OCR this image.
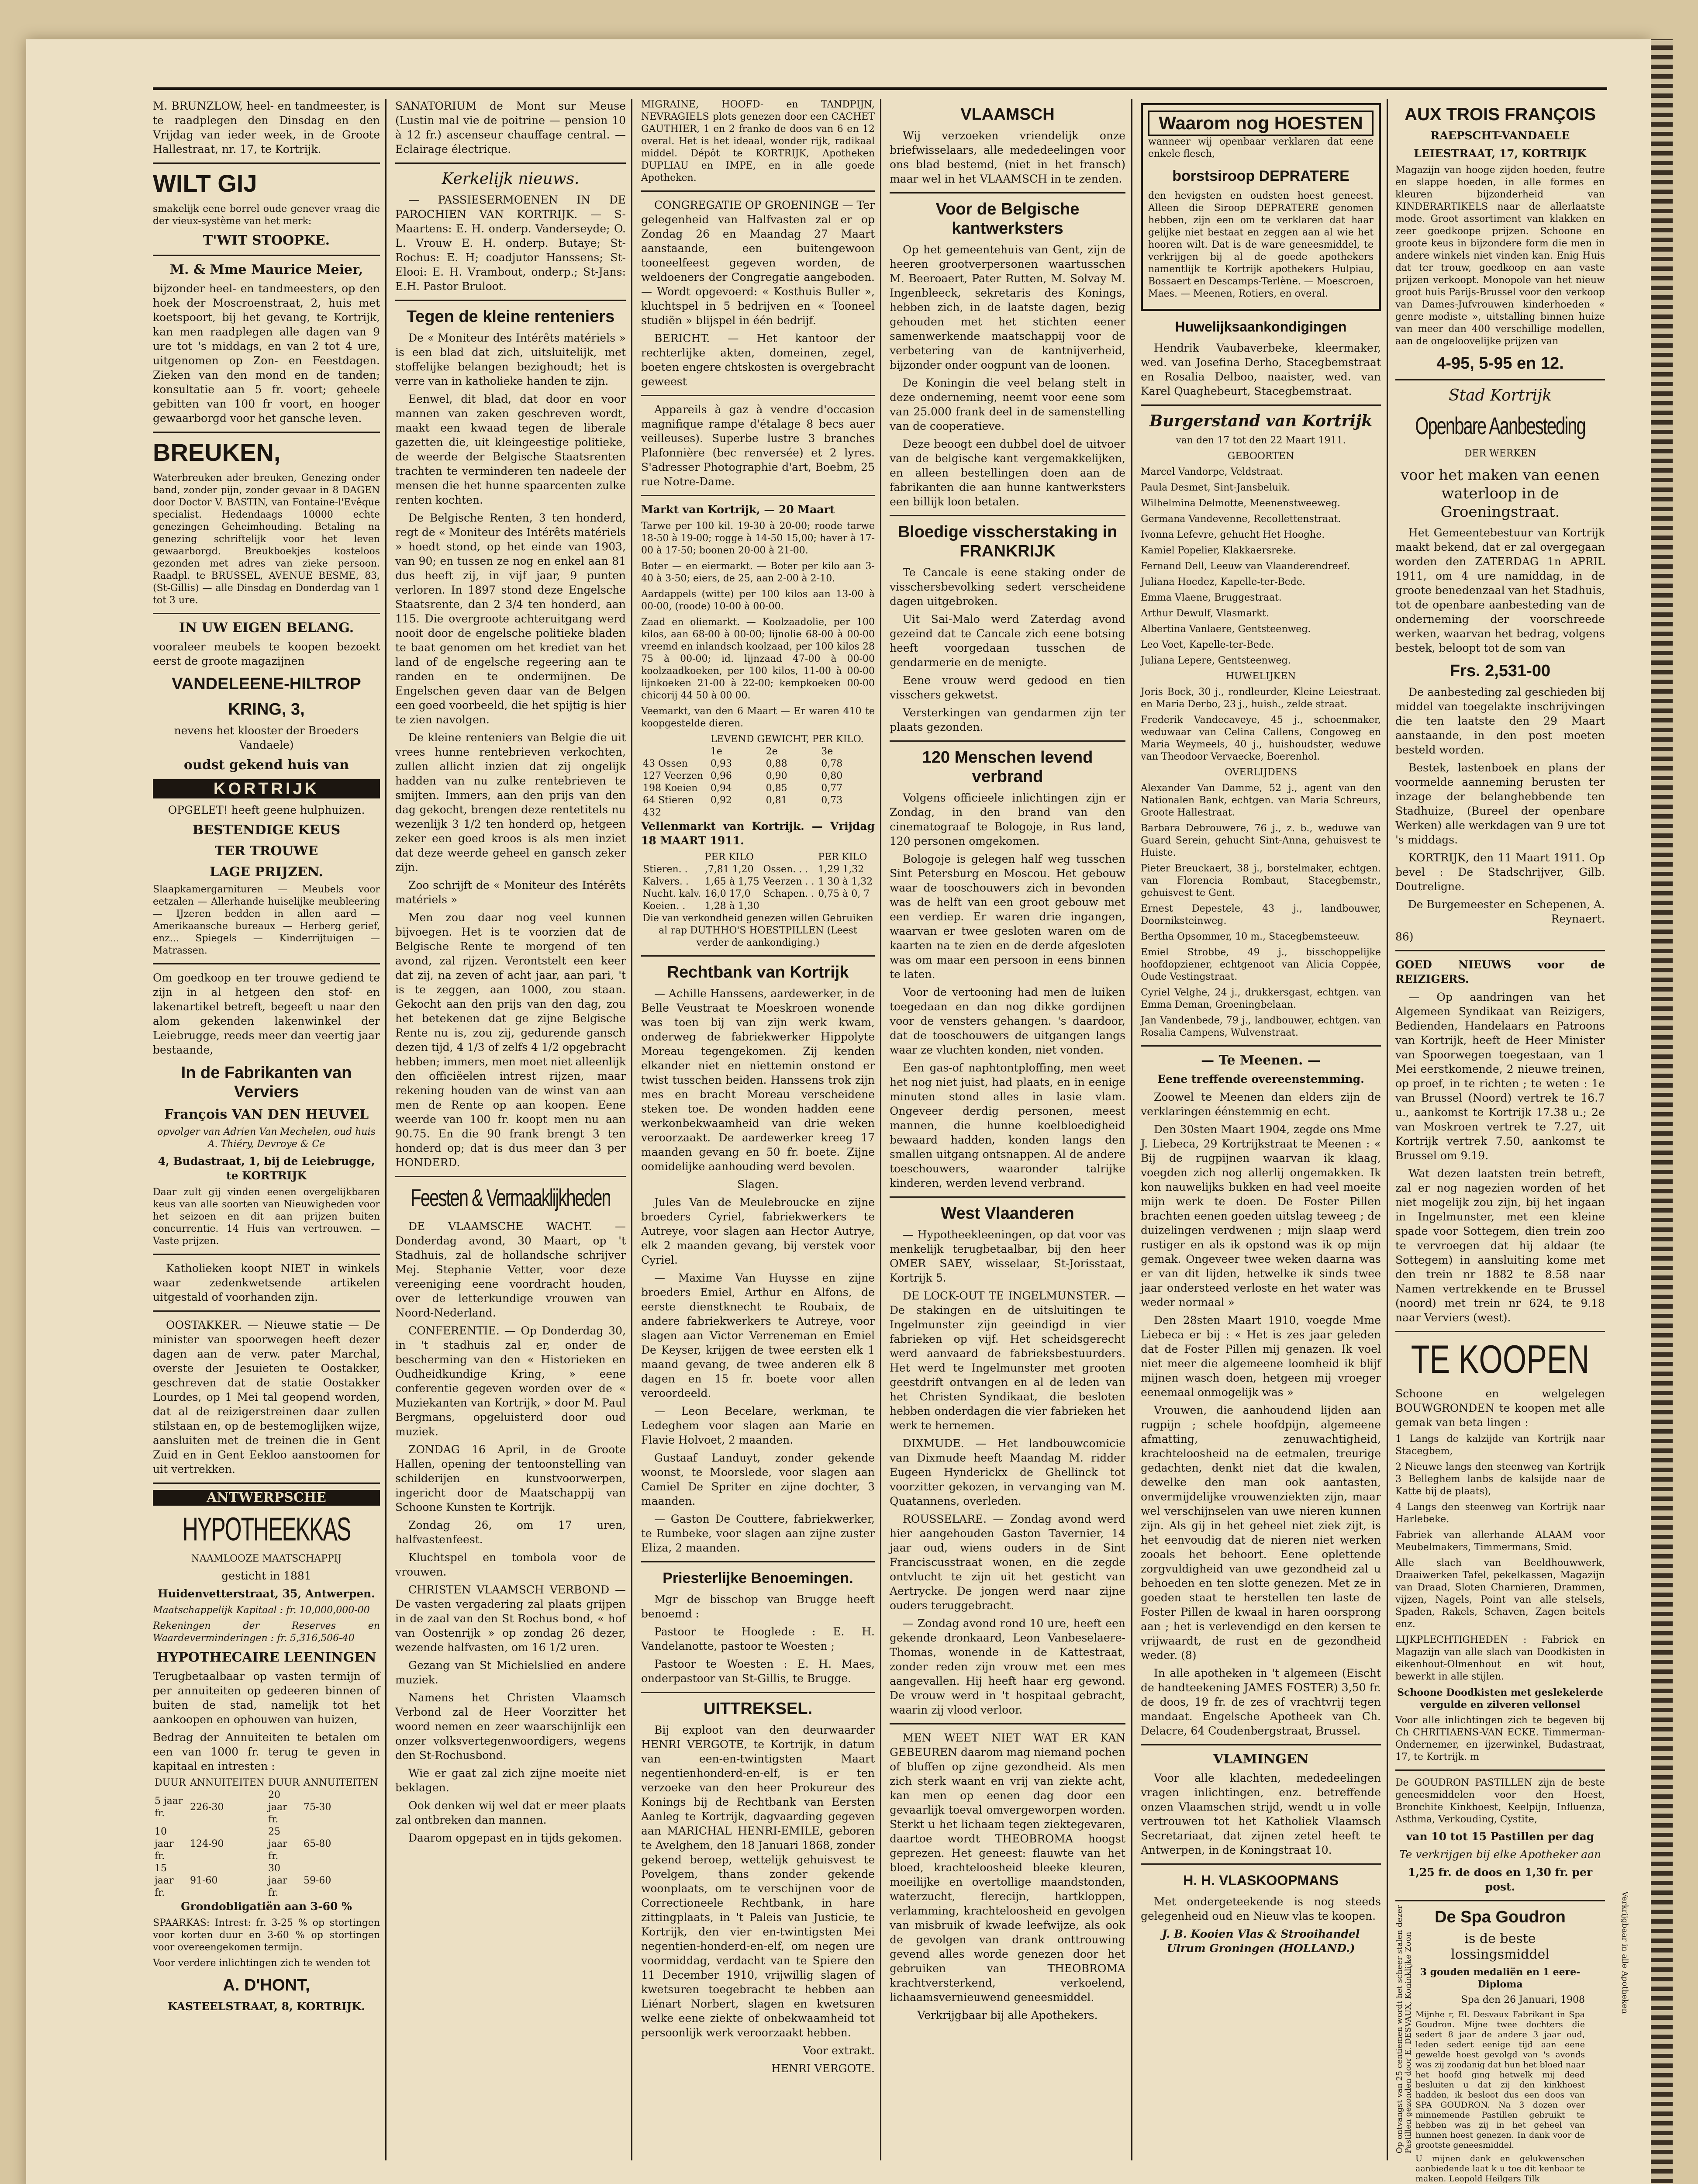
M. BRUNZLOW, heel- en tandmeester, is te raadplegen den Dinsdag en den Vrijdag van ieder week, in de Groote Hallestraat, nr. 17, te Kortrijk.

WILT GIJ

smakelijk eene borrel oude genever vraag die der vieux-système van het merk:

T'WIT STOOPKE.
M. & Mme Maurice Meier,

bijzonder heel- en tandmeesters, op den hoek der Moscroenstraat, 2, huis met koetspoort, bij het gevang, te Kortrijk, kan men raadplegen alle dagen van 9 ure tot 's middags, en van 2 tot 4 ure, uitgenomen op Zon- en Feestdagen. Zieken van den mond en de tanden; konsultatie aan 5 fr. voort; geheele gebitten van 100 fr voort, en hooger gewaarborgd voor het gansche leven.

BREUKEN,

Waterbreuken ader breuken, Genezing onder band, zonder pijn, zonder gevaar in 8 DAGEN door Doctor V. BASTIN, van Fontaine-l'Evêque specialist. Hedendaags 10000 echte genezingen Geheimhouding. Betaling na genezing schriftelijk voor het leven gewaarborgd. Breukboekjes kosteloos gezonden met adres van zieke persoon. Raadpl. te BRUSSEL, AVENUE BESME, 83, (St-Gillis) — alle Dinsdag en Donderdag van 1 tot 3 ure.

IN UW EIGEN BELANG.

vooraleer meubels te koopen bezoekt eerst de groote magazijnen

VANDELEENE-HILTROP
KRING, 3,

nevens het klooster der Broeders Vandaele)

oudst gekend huis van
KORTRIJK

OPGELET! heeft geene hulphuizen.

BESTENDIGE KEUS
TER TROUWE
LAGE PRIJZEN.

Slaapkamergarnituren — Meubels voor eetzalen — Allerhande huiselijke meubleering — IJzeren bedden in allen aard — Amerikaansche bureaux — Herberg gerief, enz... Spiegels — Kinderrijtuigen — Matrassen.

Om goedkoop en ter trouwe gediend te zijn in al hetgeen den stof- en lakenartikel betreft, begeeft u naar den alom gekenden lakenwinkel der Leiebrugge, reeds meer dan veertig jaar bestaande,

In de Fabrikanten van Verviers
François VAN DEN HEUVEL

opvolger van Adrien Van Mechelen, oud huis A. Thiéry, Devroye & Ce

4, Budastraat, 1, bij de Leiebrugge, te KORTRIJK

Daar zult gij vinden eenen overgelijkbaren keus van alle soorten van Nieuwigheden voor het seizoen en dit aan prijzen buiten concurrentie. 14 Huis van vertrouwen. — Vaste prijzen.

Katholieken koopt NIET in winkels waar zedenkwetsende artikelen uitgestald of voorhanden zijn.

OOSTAKKER. — Nieuwe statie — De minister van spoorwegen heeft dezer dagen aan de verw. pater Marchal, overste der Jesuieten te Oostakker, geschreven dat de statie Oostakker Lourdes, op 1 Mei tal geopend worden, dat al de reizigerstreinen daar zullen stilstaan en, op de bestemoglijken wijze, aansluiten met de treinen die in Gent Zuid en in Gent Eekloo aanstoomen for uit vertrekken.

ANTWERPSCHE
HYPOTHEEKKAS

NAAMLOOZE MAATSCHAPPIJ

gesticht in 1881

Huidenvetterstraat, 35, Antwerpen.

Maatschappelijk Kapitaal : fr. 10,000,000-00

Rekeningen der Reserves en Waardeverminderingen : fr. 5,316,506-40

HYPOTHECAIRE LEENINGEN

Terugbetaalbaar op vasten termijn of per annuiteiten op gedeeren binnen of buiten de stad, namelijk tot het aankoopen en ophouwen van huizen,

Bedrag der Annuiteiten te betalen om een van 1000 fr. terug te geven in kapitaal en intresten :

DUUR	ANNUITEITEN	DUUR	ANNUITEITEN
5 jaar fr.	226-30	20 jaar fr.	75-30
10 jaar fr.	124-90	25 jaar fr.	65-80
15 jaar fr.	91-60	30 jaar fr.	59-60

Grondobligatiën aan 3-60 %

SPAARKAS: Intrest: fr. 3-25 % op stortingen voor korten duur en 3-60 % op stortingen voor overeengekomen termijn.

Voor verdere inlichtingen zich te wenden tot

A. D'HONT,

KASTEELSTRAAT, 8, KORTRIJK.

SANATORIUM de Mont sur Meuse (Lustin mal vie de poitrine — pension 10 à 12 fr.) ascenseur chauffage central. — Eclairage électrique.

Kerkelijk nieuws.

— PASSIESERMOENEN IN DE PAROCHIEN VAN KORTRIJK. — S-Maartens: E. H. onderp. Vanderseyde; O. L. Vrouw E. H. onderp. Butaye; St-Rochus: E. H; coadjutor Hanssens; St-Elooi: E. H. Vrambout, onderp.; St-Jans: E.H. Pastor Bruloot.

Tegen de kleine renteniers

De « Moniteur des Intérêts matériels » is een blad dat zich, uitsluitelijk, met stoffelijke belangen bezighoudt; het is verre van in katholieke handen te zijn.

Eenwel, dit blad, dat door en voor mannen van zaken geschreven wordt, maakt een kwaad tegen de liberale gazetten die, uit kleingeestige politieke, de weerde der Belgische Staatsrenten trachten te verminderen ten nadeele der mensen die het hunne spaarcenten zulke renten kochten.

De Belgische Renten, 3 ten honderd, regt de « Moniteur des Intérêts matériels » hoedt stond, op het einde van 1903, van 90; en tussen ze nog en enkel aan 81 dus heeft zij, in vijf jaar, 9 punten verloren. In 1897 stond deze Engelsche Staatsrente, dan 2 3/4 ten honderd, aan 115. Die overgroote achteruitgang werd nooit door de engelsche politieke bladen te baat genomen om het krediet van het land of de engelsche regeering aan te randen en te ondermijnen. De Engelschen geven daar van de Belgen een goed voorbeeld, die het spijtig is hier te zien navolgen.

De kleine renteniers van Belgie die uit vrees hunne rentebrieven verkochten, zullen allicht inzien dat zij ongelijk hadden van nu zulke rentebrieven te smijten. Immers, aan den prijs van den dag gekocht, brengen deze rentetitels nu wezenlijk 3 1/2 ten honderd op, hetgeen zeker een goed kroos is als men inziet dat deze weerde geheel en gansch zeker zijn.

Zoo schrijft de « Moniteur des Intérêts matériels »

Men zou daar nog veel kunnen bijvoegen. Het is te voorzien dat de Belgische Rente te morgend of ten avond, zal rijzen. Verontstelt een keer dat zij, na zeven of acht jaar, aan pari, 't is te zeggen, aan 1000, zou staan. Gekocht aan den prijs van den dag, zou het betekenen dat ge zijne Belgische Rente nu is, zou zij, gedurende gansch dezen tijd, 4 1/3 of zelfs 4 1/2 opgebracht hebben; immers, men moet niet alleenlijk den officiëelen intrest rijzen, maar rekening houden van de winst van aan men de Rente op aan koopen. Eene weerde van 100 fr. koopt men nu aan 90.75. En die 90 frank brengt 3 ten honderd op; dat is dus meer dan 3 per HONDERD.

Feesten & Vermaaklijkheden

DE VLAAMSCHE WACHT. — Donderdag avond, 30 Maart, op 't Stadhuis, zal de hollandsche schrijver Mej. Stephanie Vetter, voor deze vereeniging eene voordracht houden, over de letterkundige vrouwen van Noord-Nederland.

CONFERENTIE. — Op Donderdag 30, in 't stadhuis zal er, onder de bescherming van den « Historieken en Oudheidkundige Kring, » eene conferentie gegeven worden over de « Muziekanten van Kortrijk, » door M. Paul Bergmans, opgeluisterd door oud muziek.

ZONDAG 16 April, in de Groote Hallen, opening der tentoonstelling van schilderijen en kunstvoorwerpen, ingericht door de Maatschappij van Schoone Kunsten te Kortrijk.

Zondag 26, om 17 uren, halfvastenfeest.

Kluchtspel en tombola voor de vrouwen.

CHRISTEN VLAAMSCH VERBOND — De vasten vergadering zal plaats grijpen in de zaal van den St Rochus bond, « hof van Oostenrijk » op zondag 26 dezer, wezende halfvasten, om 16 1/2 uren.

Gezang van St Michielslied en andere muziek.

Namens het Christen Vlaamsch Verbond zal de Heer Voorzitter het woord nemen en zeer waarschijnlijk een onzer volksvertegenwoordigers, wegens den St-Rochusbond.

Wie er gaat zal zich zijne moeite niet beklagen.

Ook denken wij wel dat er meer plaats zal ontbreken dan mannen.

Daarom opgepast en in tijds gekomen.

MIGRAINE, HOOFD- en TANDPIJN, NEVRAGIELS plots genezen door een CACHET GAUTHIER, 1 en 2 franko de doos van 6 en 12 overal. Het is het ideaal, wonder rijk, radikaal middel. Dépôt te KORTRIJK, Apotheken DUPLIAU en IMPE, en in alle goede Apotheken.

CONGREGATIE OP GROENINGE — Ter gelegenheid van Halfvasten zal er op Zondag 26 en Maandag 27 Maart aanstaande, een buitengewoon tooneelfeest gegeven worden, de weldoeners der Congregatie aangeboden. — Wordt opgevoerd: « Kosthuis Buller », kluchtspel in 5 bedrijven en « Tooneel studiën » blijspel in één bedrijf.

BERICHT. — Het kantoor der rechterlijke akten, domeinen, zegel, boeten engere chtskosten is overgebracht geweest

Appareils à gaz à vendre d'occasion magnifique rampe d'étalage 8 becs auer veilleuses). Superbe lustre 3 branches Plafonnière (bec renversée) et 2 lyres. S'adresser Photographie d'art, Boebm, 25 rue Notre-Dame.

Markt van Kortrijk, — 20 Maart

Tarwe per 100 kil. 19-30 à 20-00; roode tarwe 18-50 à 19-00; rogge à 14-50 15,00; haver à 17-00 à 17-50; boonen 20-00 à 21-00.

Boter — en eiermarkt. — Boter per kilo aan 3-40 à 3-50; eiers, de 25, aan 2-00 à 2-10.

Aardappels (witte) per 100 kilos aan 13-00 à 00-00, (roode) 10-00 à 00-00.

Zaad en oliemarkt. — Koolzaadolie, per 100 kilos, aan 68-00 à 00-00; lijnolie 68-00 à 00-00 vreemd en inlandsch koolzaad, per 100 kilos 28 75 à 00-00; id. lijnzaad 47-00 à 00-00 koolzaadkoeken, per 100 kilos, 11-00 à 00-00 lijnkoeken 21-00 à 22-00; kempkoeken 00-00 chicorij 44 50 à 00 00.

Veemarkt, van den 6 Maart — Er waren 410 te koopgestelde dieren.

	LEVEND GEWICHT, PER KILO.		
	1e	2e	3e
43 Ossen	0,93	0,88	0,78
127 Veerzen	0,96	0,90	0,80
198 Koeien	0,94	0,85	0,77
64 Stieren	0,92	0,81	0,73
432			

Vellenmarkt van Kortrijk. — Vrijdag 18 MAART 1911.

	PER KILO		PER KILO
Stieren. .	,7,81 1,20	Ossen. . .	1,29 1,32
Kalvers. .	1,65 à 1,75	Veerzen . .	1 30 à 1,32
Nucht. kalv.	16,0 17,0	Schapen. .	0,75 à 0, 7
Koeien. .	1,28 à 1,30		

Die van verkondheid genezen willen Gebruiken al rap DUTHHO'S HOESTPILLEN (Leest verder de aankondiging.)

Rechtbank van Kortrijk

— Achille Hanssens, aardewerker, in de Belle Veustraat te Moeskroen wonende was toen bij van zijn werk kwam, onderweg de fabriekwerker Hippolyte Moreau tegengekomen. Zij kenden elkander niet en niettemin onstond er twist tusschen beiden. Hanssens trok zijn mes en bracht Moreau verscheidene steken toe. De wonden hadden eene werkonbekwaamheid van drie weken veroorzaakt. De aardewerker kreeg 17 maanden gevang en 50 fr. boete. Zijne oomidelijke aanhouding werd bevolen.

Slagen.

Jules Van de Meulebroucke en zijne broeders Cyriel, fabriekwerkers te Autreye, voor slagen aan Hector Autrye, elk 2 maanden gevang, bij verstek voor Cyriel.

— Maxime Van Huysse en zijne broeders Emiel, Arthur en Alfons, de eerste dienstknecht te Roubaix, de andere fabriekwerkers te Autreye, voor slagen aan Victor Verreneman en Emiel De Keyser, krijgen de twee eersten elk 1 maand gevang, de twee anderen elk 8 dagen en 15 fr. boete voor allen veroordeeld.

— Leon Becelare, werkman, te Ledeghem voor slagen aan Marie en Flavie Holvoet, 2 maanden.

Gustaaf Landuyt, zonder gekende woonst, te Moorslede, voor slagen aan Camiel De Spriter en zijne dochter, 3 maanden.

— Gaston De Couttere, fabriekwerker, te Rumbeke, voor slagen aan zijne zuster Eliza, 2 maanden.

Priesterlijke Benoemingen.

Mgr de bisschop van Brugge heeft benoemd :

Pastoor te Hooglede : E. H. Vandelanotte, pastoor te Woesten ;

Pastoor te Woesten : E. H. Maes, onderpastoor van St-Gillis, te Brugge.

UITTREKSEL.

Bij exploot van den deurwaarder HENRI VERGOTE, te Kortrijk, in datum van een-en-twintigsten Maart negentienhonderd-en-elf, is er ten verzoeke van den heer Prokureur des Konings bij de Rechtbank van Eersten Aanleg te Kortrijk, dagvaarding gegeven aan MARICHAL HENRI-EMILE, geboren te Avelghem, den 18 Januari 1868, zonder gekend beroep, wettelijk gehuisvest te Povelgem, thans zonder gekende woonplaats, om te verschijnen voor de Correctioneele Rechtbank, in hare zittingplaats, in 't Paleis van Justicie, te Kortrijk, den vier en-twintigsten Mei negentien-honderd-en-elf, om negen ure voormiddag, verdacht van te Spiere den 11 December 1910, vrijwillig slagen of kwetsuren toegebracht te hebben aan Liénart Norbert, slagen en kwetsuren welke eene ziekte of onbekwaamheid tot persoonlijk werk veroorzaakt hebben.

Voor extrakt.

HENRI VERGOTE.

VLAAMSCH

Wij verzoeken vriendelijk onze briefwisselaars, alle mededeelingen voor ons blad bestemd, (niet in het fransch) maar wel in het VLAAMSCH in te zenden.

Voor de Belgische kantwerksters

Op het gemeentehuis van Gent, zijn de heeren grootverpersonen waartusschen M. Beeroaert, Pater Rutten, M. Solvay M. Ingenbleeck, sekretaris des Konings, hebben zich, in de laatste dagen, bezig gehouden met het stichten eener samenwerkende maatschappij voor de verbetering van de kantnijverheid, bijzonder onder oogpunt van de loonen.

De Koningin die veel belang stelt in deze onderneming, neemt voor eene som van 25.000 frank deel in de samenstelling van de cooperatieve.

Deze beoogt een dubbel doel de uitvoer van de belgische kant vergemakkelijken, en alleen bestellingen doen aan de fabrikanten die aan hunne kantwerksters een billijk loon betalen.

Bloedige visscherstaking in FRANKRIJK

Te Cancale is eene staking onder de visschersbevolking sedert verscheidene dagen uitgebroken.

Uit Sai-Malo werd Zaterdag avond gezeind dat te Cancale zich eene botsing heeft voorgedaan tusschen de gendarmerie en de menigte.

Eene vrouw werd gedood en tien visschers gekwetst.

Versterkingen van gendarmen zijn ter plaats gezonden.

120 Menschen levend verbrand

Volgens officieele inlichtingen zijn er Zondag, in den brand van den cinematograaf te Bologoje, in Rus land, 120 personen omgekomen.

Bologoje is gelegen half weg tusschen Sint Petersburg en Moscou. Het gebouw waar de tooschouwers zich in bevonden was de helft van een groot gebouw met een verdiep. Er waren drie ingangen, waarvan er twee gesloten waren om de kaarten na te zien en de derde afgesloten was om maar een persoon in eens binnen te laten.

Voor de vertooning had men de luiken toegedaan en dan nog dikke gordijnen voor de vensters gehangen. 's daardoor, dat de tooschouwers de uitgangen langs waar ze vluchten konden, niet vonden.

Een gas-of naphtontploffing, men weet het nog niet juist, had plaats, en in eenige minuten stond alles in lasie vlam. Ongeveer derdig personen, meest mannen, die hunne koelbloedigheid bewaard hadden, konden langs den smallen uitgang ontsnappen. Al de andere toeschouwers, waaronder talrijke kinderen, werden levend verbrand.

West Vlaanderen

— Hypotheekleeningen, op dat voor vas menkelijk terugbetaalbar, bij den heer OMER SAEY, wisselaar, St-Jorisstaat, Kortrijk 5.

DE LOCK-OUT TE INGELMUNSTER. — De stakingen en de uitsluitingen te Ingelmunster zijn geeindigd in vier fabrieken op vijf. Het scheidsgerecht werd aanvaard de fabrieksbestuurders. Het werd te Ingelmunster met grooten geestdrift ontvangen en al de leden van het Christen Syndikaat, die besloten hebben onderdagen die vier fabrieken het werk te hernemen.

DIXMUDE. — Het landbouwcomicie van Dixmude heeft Maandag M. ridder Eugeen Hynderickx de Ghellinck tot voorzitter gekozen, in vervanging van M. Quatannens, overleden.

ROUSSELARE. — Zondag avond werd hier aangehouden Gaston Tavernier, 14 jaar oud, wiens ouders in de Sint Franciscusstraat wonen, en die zegde ontvlucht te zijn uit het gesticht van Aertrycke. De jongen werd naar zijne ouders teruggebracht.

— Zondag avond rond 10 ure, heeft een gekende dronkaard, Leon Vanbeselaere-Thomas, wonende in de Kattestraat, zonder reden zijn vrouw met een mes aangevallen. Hij heeft haar erg gewond. De vrouw werd in 't hospitaal gebracht, waarin zij vlood verloor.

MEN WEET NIET WAT ER KAN GEBEUREN daarom mag niemand pochen of bluffen op zijne gezondheid. Als men zich sterk waant en vrij van ziekte acht, kan men op eenen dag door een gevaarlijk toeval omvergeworpen worden. Sterkt u het lichaam tegen ziektegevaren, daartoe wordt THEOBROMA hoogst geprezen. Het geneest: flauwte van het bloed, krachteloosheid bleeke kleuren, moeilijke en overtollige maandstonden, waterzucht, flerecijn, hartkloppen, verlamming, krachteloosheid en gevolgen van misbruik of kwade leefwijze, als ook de gevolgen van drank onttrouwing gevend alles worde genezen door het gebruiken van THEOBROMA krachtversterkend, verkoelend, lichaamsvernieuwend geneesmiddel.

Verkrijgbaar bij alle Apothekers.

Waarom nog HOESTEN

wanneer wij openbaar verklaren dat eene enkele flesch,

borstsiroop DEPRATERE

den hevigsten en oudsten hoest geneest. Alleen die Siroop DEPRATERE genomen hebben, zijn een om te verklaren dat haar gelijke niet bestaat en zeggen aan al wie het hooren wilt. Dat is de ware geneesmiddel, te verkrijgen bij al de goede apothekers namentlijk te Kortrijk apothekers Hulpiau, Bossaert en Descamps-Terlène. — Moescroen, Maes. — Meenen, Rotiers, en overal.

Huwelijksaankondigingen

Hendrik Vaubaverbeke, kleermaker, wed. van Josefina Derho, Stacegbemstraat en Rosalia Delboo, naaister, wed. van Karel Quaghebeurt, Stacegbemstraat.

Burgerstand van Kortrijk

van den 17 tot den 22 Maart 1911.

GEBOORTEN

Marcel Vandorpe, Veldstraat.

Paula Desmet, Sint-Jansbeluik.

Wilhelmina Delmotte, Meenenstweeweg.

Germana Vandevenne, Recollettenstraat.

Ivonna Lefevre, gehucht Het Hooghe.

Kamiel Popelier, Klakkaersreke.

Fernand Dell, Leeuw van Vlaanderendreef.

Juliana Hoedez, Kapelle-ter-Bede.

Emma Vlaene, Bruggestraat.

Arthur Dewulf, Vlasmarkt.

Albertina Vanlaere, Gentsteenweg.

Leo Voet, Kapelle-ter-Bede.

Juliana Lepere, Gentsteenweg.

HUWELIJKEN

Joris Bock, 30 j., rondleurder, Kleine Leiestraat. en Maria Derbo, 23 j., huish., zelde straat.

Frederik Vandecaveye, 45 j., schoenmaker, weduwaar van Celina Callens, Congoweg en Maria Weymeels, 40 j., huishoudster, weduwe van Theodoor Vervaecke, Boerenhol.

OVERLIJDENS

Alexander Van Damme, 52 j., agent van den Nationalen Bank, echtgen. van Maria Schreurs, Groote Hallestraat.

Barbara Debrouwere, 76 j., z. b., weduwe van Guard Serein, gehucht Sint-Anna, gehuisvest te Huiste.

Pieter Breuckaert, 38 j., borstelmaker, echtgen. van Florencia Rombaut, Stacegbemstr., gehuisvest te Gent.

Ernest Depestele, 43 j., landbouwer, Doorniksteinweg.

Bertha Opsommer, 10 m., Stacegbemsteeuw.

Emiel Strobbe, 49 j., bisschoppelijke hoofdopziener, echtgenoot van Alicia Coppée, Oude Vestingstraat.

Cyriel Velghe, 24 j., drukkersgast, echtgen. van Emma Deman, Groeningbelaan.

Jan Vandenbede, 79 j., landbouwer, echtgen. van Rosalia Campens, Wulvenstraat.

— Te Meenen. —

Eene treffende overeenstemming.

Zoowel te Meenen dan elders zijn de verklaringen éénstemmig en echt.

Den 30sten Maart 1904, zegde ons Mme J. Liebeca, 29 Kortrijkstraat te Meenen : « Bij de rugpijnen waarvan ik klaag, voegden zich nog allerlij ongemakken. Ik kon nauwelijks bukken en had veel moeite mijn werk te doen. De Foster Pillen brachten eenen goeden uitslag teweeg ; de duizelingen verdwenen ; mijn slaap werd rustiger en als ik opstond was ik op mijn gemak. Ongeveer twee weken daarna was er van dit lijden, hetwelke ik sinds twee jaar ondersteed verloste en het water was weder normaal »

Den 28sten Maart 1910, voegde Mme Liebeca er bij : « Het is zes jaar geleden dat de Foster Pillen mij genazen. Ik voel niet meer die algemeene loomheid ik blijf mijnen wasch doen, hetgeen mij vroeger eenemaal onmogelijk was »

Vrouwen, die aanhoudend lijden aan rugpijn ; schele hoofdpijn, algemeene afmatting, zenuwachtigheid, krachteloosheid na de eetmalen, treurige gedachten, denkt niet dat die kwalen, dewelke den man ook aantasten, onvermijdelijke vrouwenziekten zijn, maar wel verschijnselen van uwe nieren kunnen zijn. Als gij in het geheel niet ziek zijt, is het eenvoudig dat de nieren niet werken zooals het behoort. Eene oplettende zorgvuldigheid van uwe gezondheid zal u behoeden en ten slotte genezen. Met ze in goeden staat te herstellen ten laste de Foster Pillen de kwaal in haren oorsprong aan ; het is verlevendigd en den kersen te vrijwaardt, de rust en de gezondheid weder. (8)

In alle apotheken in 't algemeen (Eischt de handteekening JAMES FOSTER) 3,50 fr. de doos, 19 fr. de zes of vrachtvrij tegen mandaat. Engelsche Apotheek van Ch. Delacre, 64 Coudenbergstraat, Brussel.

VLAMINGEN

Voor alle klachten, mededeelingen vragen inlichtingen, enz. betreffende onzen Vlaamschen strijd, wendt u in volle vertrouwen tot het Katholiek Vlaamsch Secretariaat, dat zijnen zetel heeft te Antwerpen, in de Koningstraat 10.

H. H. VLASKOOPMANS

Met ondergeteekende is nog steeds gelegenheid oud en Nieuw vlas te koopen.

J. B. Kooien Vlas & Strooihandel Ulrum Groningen (HOLLAND.)

AUX TROIS FRANÇOIS

RAEPSCHT-VANDAELE

LEIESTRAAT, 17, KORTRIJK

Magazijn van hooge zijden hoeden, feutre en slappe hoeden, in alle formes en kleuren bijzonderheid van KINDERARTIKELS naar de allerlaatste mode. Groot assortiment van klakken en zeer goedkoope prijzen. Schoone en groote keus in bijzondere form die men in andere winkels niet vinden kan. Enig Huis dat ter trouw, goedkoop en aan vaste prijzen verkoopt. Monopole van het nieuw groot huis Parijs-Brussel voor den verkoop van Dames-Jufvrouwen kinderhoeden « genre modiste », uitstalling binnen huize van meer dan 400 verschillige modellen, aan de ongeloovelijke prijzen van

4-95, 5-95 en 12.
Stad Kortrijk
Openbare Aanbesteding

DER WERKEN

voor het maken van eenen waterloop in de Groeningstraat.

Het Gemeentebestuur van Kortrijk maakt bekend, dat er zal overgegaan worden den ZATERDAG 1n APRIL 1911, om 4 ure namiddag, in de groote benedenzaal van het Stadhuis, tot de openbare aanbesteding van de onderneming der voorschreede werken, waarvan het bedrag, volgens bestek, beloopt tot de som van

Frs. 2,531-00

De aanbesteding zal geschieden bij middel van toegelakte inschrijvingen die ten laatste den 29 Maart aanstaande, in den post moeten besteld worden.

Bestek, lastenboek en plans der voormelde aanneming berusten ter inzage der belanghebbende ten Stadhuize, (Bureel der openbare Werken) alle werkdagen van 9 ure tot 's middags.

KORTRIJK, den 11 Maart 1911. Op bevel : De Stadschrijver, Gilb. Doutreligne.

De Burgemeester en Schepenen, A. Reynaert.

86)

GOED NIEUWS voor de REIZIGERS.

— Op aandringen van het Algemeen Syndikaat van Reizigers, Bedienden, Handelaars en Patroons van Kortrijk, heeft de Heer Minister van Spoorwegen toegestaan, van 1 Mei eerstkomende, 2 nieuwe treinen, op proef, in te richten ; te weten : 1e van Brussel (Noord) vertrek te 16.7 u., aankomst te Kortrijk 17.38 u.; 2e van Moskroen vertrek te 7.27, uit Kortrijk vertrek 7.50, aankomst te Brussel om 9.19.

Wat dezen laatsten trein betreft, zal er nog nagezien worden of het niet mogelijk zou zijn, bij het ingaan in Ingelmunster, met een kleine spade voor Sottegem, dien trein zoo te vervroegen dat hij aldaar (te Sottegem) in aansluiting kome met den trein nr 1882 te 8.58 naar Namen vertrekkende en te Brussel (noord) met trein nr 624, te 9.18 naar Verviers (west).

TE KOOPEN

Schoone en welgelegen BOUWGRONDEN te koopen met alle gemak van beta lingen :

1 Langs de kalzijde van Kortrijk naar Stacegbem,

2 Nieuwe langs den steenweg van Kortrijk 3 Belleghem lanbs de kalsijde naar de Katte bij de plaats),

4 Langs den steenweg van Kortrijk naar Harlebeke.

Fabriek van allerhande ALAAM voor Meubelmakers, Timmermans, Smid.

Alle slach van Beeldhouwwerk, Draaiwerken Tafel, pekelkassen, Magazijn van Draad, Sloten Charnieren, Drammen, vijzen, Nagels, Point van alle stelsels, Spaden, Rakels, Schaven, Zagen beitels enz.

LIJKPLECHTIGHEDEN : Fabriek en Magazijn van alle slach van Doodkisten in eikenhout-Olmenhout en wit hout, bewerkt in alle stijlen.

Schoone Doodkisten met geslekelerde vergulde en zilveren vellonsel

Voor alle inlichtingen zich te begeven bij Ch CHRITIAENS-VAN ECKE. Timmerman- Ondernemer, en ijzerwinkel, Budastraat, 17, te Kortrijk. m

De GOUDRON PASTILLEN zijn de beste geneesmiddelen voor den Hoest, Bronchite Kinkhoest, Keelpijn, Influenza, Asthma, Verkouding, Cystite,

van 10 tot 15 Pastillen per dag

Te verkrijgen bij elke Apotheker aan

1,25 fr. de doos en 1,30 fr. per post.

De Spa Goudron

is de beste lossingsmiddel

3 gouden medaliën en 1 eere-Diploma

Spa den 26 Januari, 1908

Mijnhe r, El. Desvaux Fabrikant in Spa Goudron. Mijne twee dochters die sedert 8 jaar de andere 3 jaar oud, leden sedert eenige tijd aan eene gewelde hoest gevolgd van 's avonds was zij zoodanig dat hun het bloed naar het hoofd ging hetwelk mij deed besluiten u dat zij den kinkhoest hadden, ik besloot dus een doos van SPA GOUDRON. Na 3 dozen over minnemende Pastillen gebruikt te hebben was zij in het geheel van hunnen hoest genezen. In dank voor de grootste geneesmiddel.

U mijnen dank en gelukwenschen aanbiedende laat k u toe dit kenbaar te maken. Leopold Heilgers Tilk

Op ontvangst van 25 centiemen wordt het scheer stalen dezer Pastillen gezonden door E. DESVAUX, Koninklijke Zoon	Verkrijgbaar in alle Apotheken
